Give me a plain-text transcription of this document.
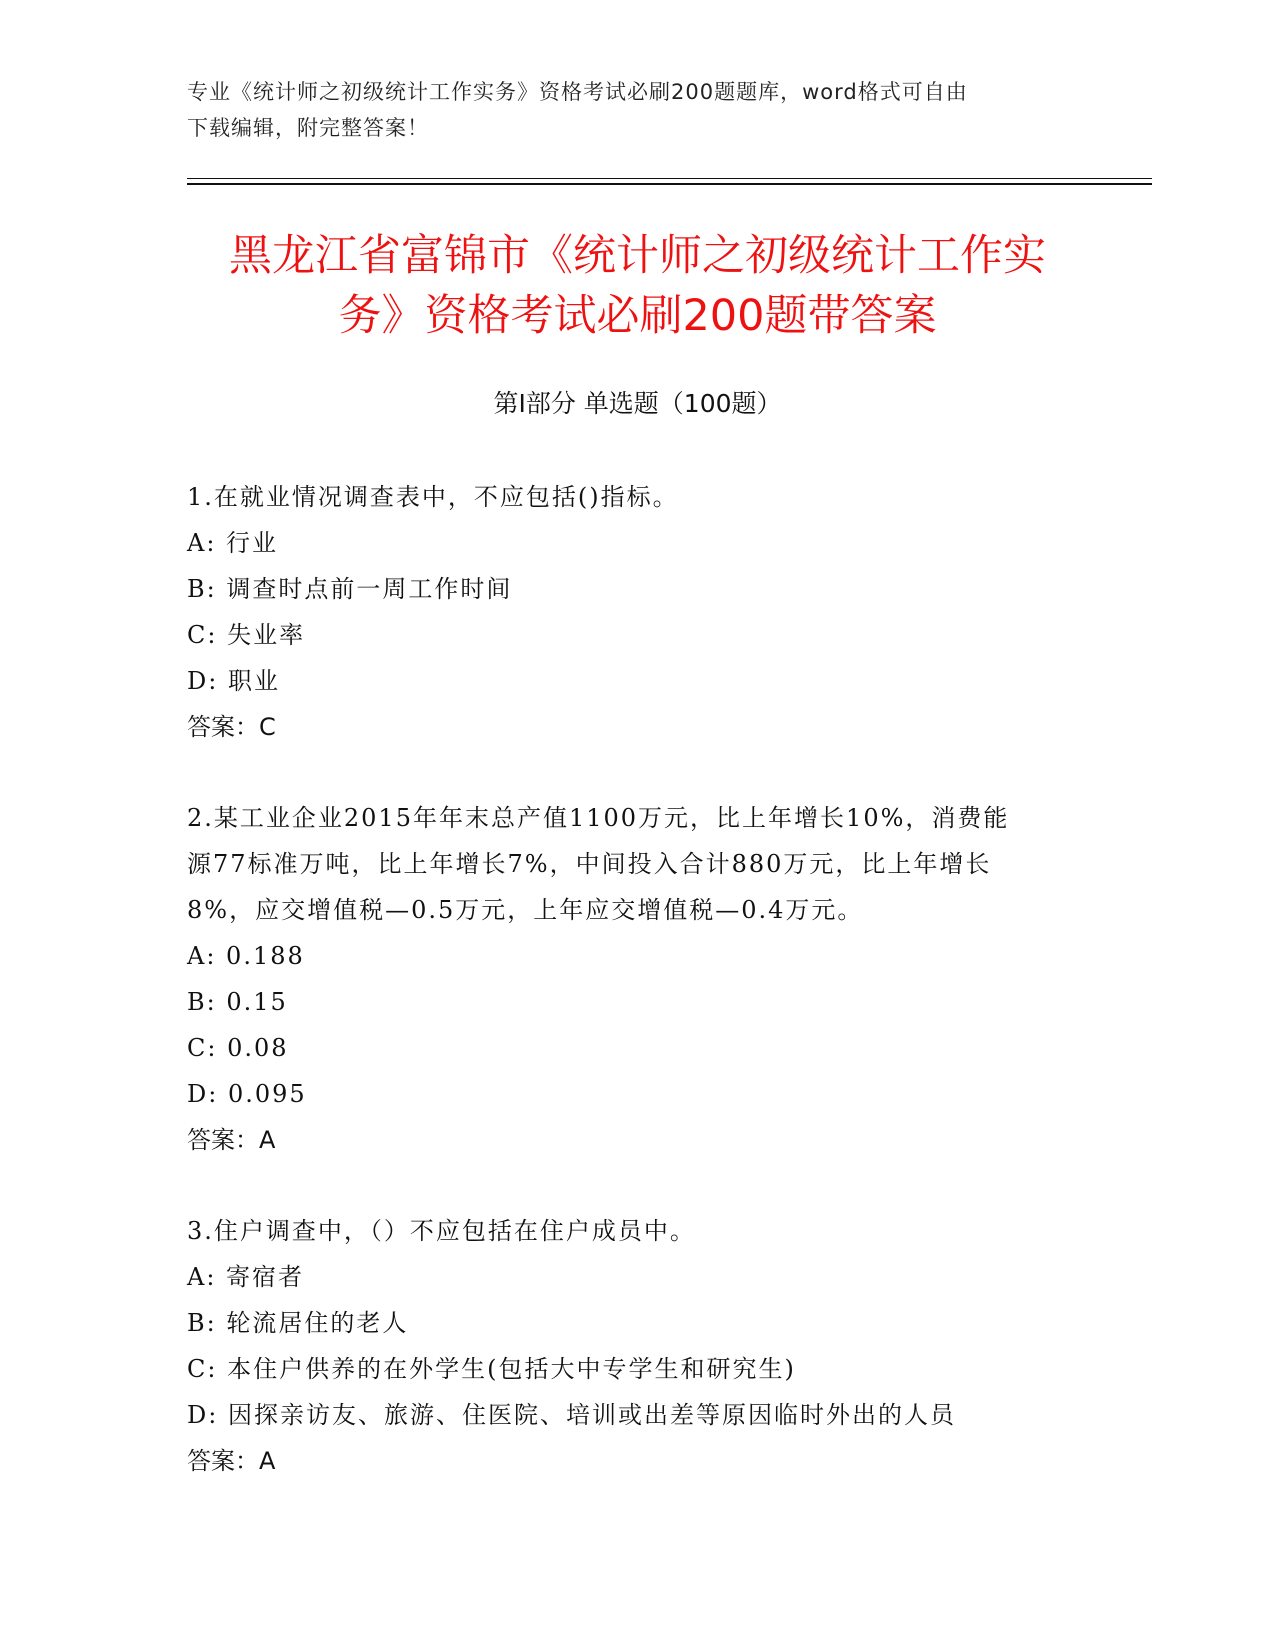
专业《统计师之初级统计工作实务》资格考试必刷200题题库，word格式可自由
下载编辑，附完整答案！
黑龙江省富锦市《统计师之初级统计工作实
务》资格考试必刷200题带答案
第Ⅰ部分 单选题（100题）
1.在就业情况调查表中，不应包括()指标。
A: 行业
B: 调查时点前一周工作时间
C: 失业率
D: 职业
答案：C
2.某工业企业2015年年末总产值1100万元，比上年增长10%，消费能
源77标准万吨，比上年增长7%，中间投入合计880万元，比上年增长
8%，应交增值税—0.5万元，上年应交增值税—0.4万元。
A: 0.188
B: 0.15
C: 0.08
D: 0.095
答案：A
3.住户调查中，（）不应包括在住户成员中。
A: 寄宿者
B: 轮流居住的老人
C: 本住户供养的在外学生(包括大中专学生和研究生)
D: 因探亲访友、旅游、住医院、培训或出差等原因临时外出的人员
答案：A
